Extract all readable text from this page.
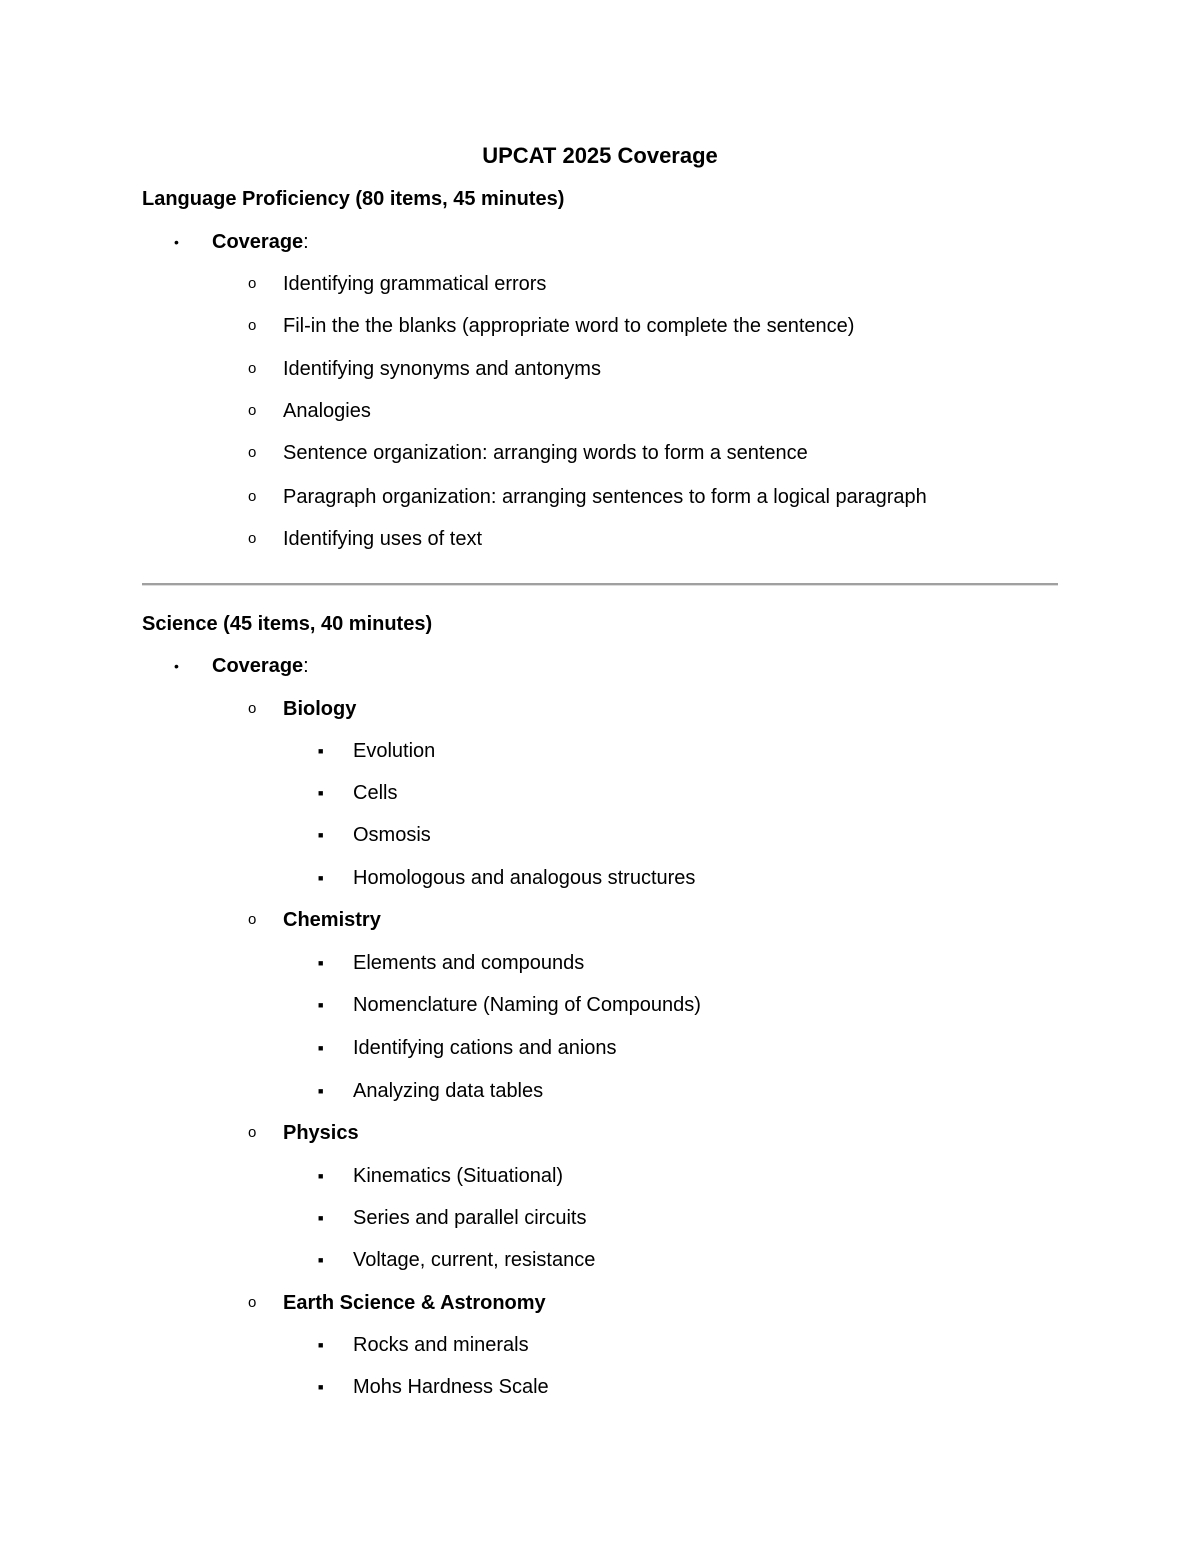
UPCAT 2025 Coverage
Language Proficiency (80 items, 45 minutes)
• Coverage:
o Identifying grammatical errors
o Fil-in the the blanks (appropriate word to complete the sentence)
o Identifying synonyms and antonyms
o Analogies
o Sentence organization: arranging words to form a sentence
o Paragraph organization: arranging sentences to form a logical paragraph
o Identifying uses of text
Science (45 items, 40 minutes)
• Coverage:
o Biology
■ Evolution
■ Cells
■ Osmosis
■ Homologous and analogous structures
o Chemistry
■ Elements and compounds
■ Nomenclature (Naming of Compounds)
■ Identifying cations and anions
■ Analyzing data tables
o Physics
■ Kinematics (Situational)
■ Series and parallel circuits
■ Voltage, current, resistance
o Earth Science & Astronomy
■ Rocks and minerals
■ Mohs Hardness Scale
